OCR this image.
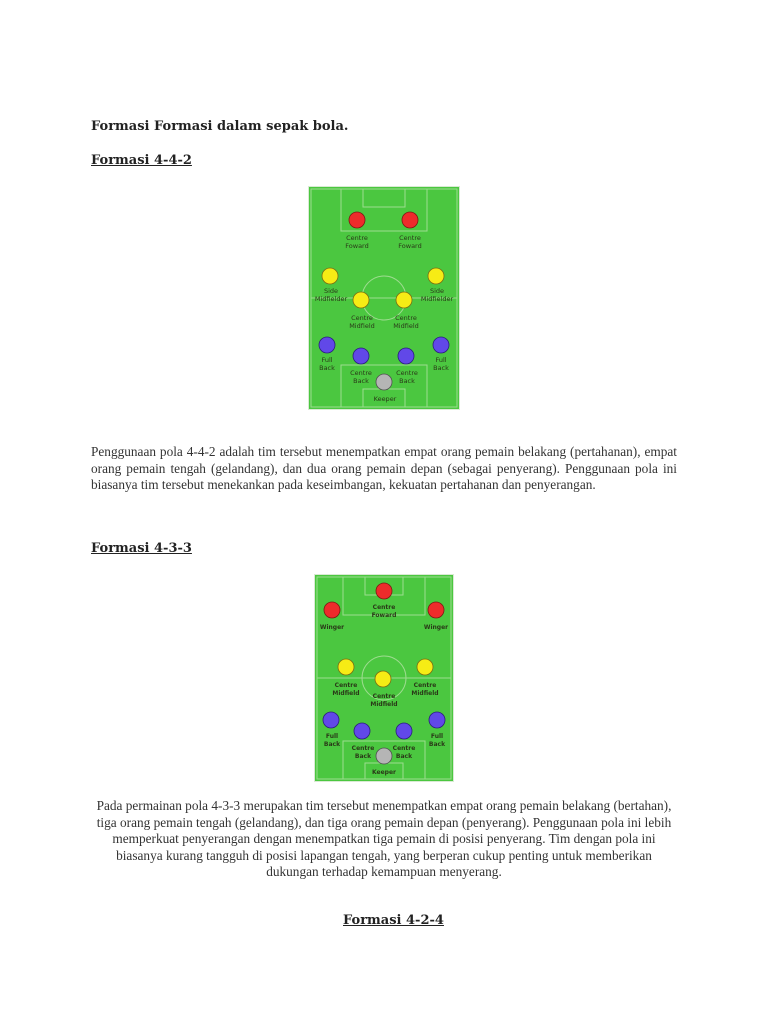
Formasi Formasi dalam sepak bola.
Formasi 4-4-2
Centre Foward
Centre Foward
Side Midfielder
Side Midfielder
Centre Midfield
Centre Midfield
Full Back
Full Back
Centre Back
Centre Back
Keeper
Penggunaan pola 4-4-2 adalah tim tersebut menempatkan empat orang pemain belakang (pertahanan), empat orang pemain tengah (gelandang), dan dua orang pemain depan (sebagai penyerang). Penggunaan pola ini biasanya tim tersebut menekankan pada keseimbangan, kekuatan pertahanan dan penyerangan.
Formasi 4-3-3
Centre Foward
Winger	Winger
Centre Midfield	Centre Midfield
Centre Midfield
Full Back
Full Back
Centre Back
Centre Back
Keeper
Pada permainan pola 4-3-3 merupakan tim tersebut menempatkan empat orang pemain belakang (bertahan), tiga orang pemain tengah (gelandang), dan tiga orang pemain depan (penyerang). Penggunaan pola ini lebih memperkuat penyerangan dengan menempatkan tiga pemain di posisi penyerang. Tim dengan pola ini biasanya kurang tangguh di posisi lapangan tengah, yang berperan cukup penting untuk memberikan dukungan terhadap kemampuan menyerang.
Formasi 4-2-4
